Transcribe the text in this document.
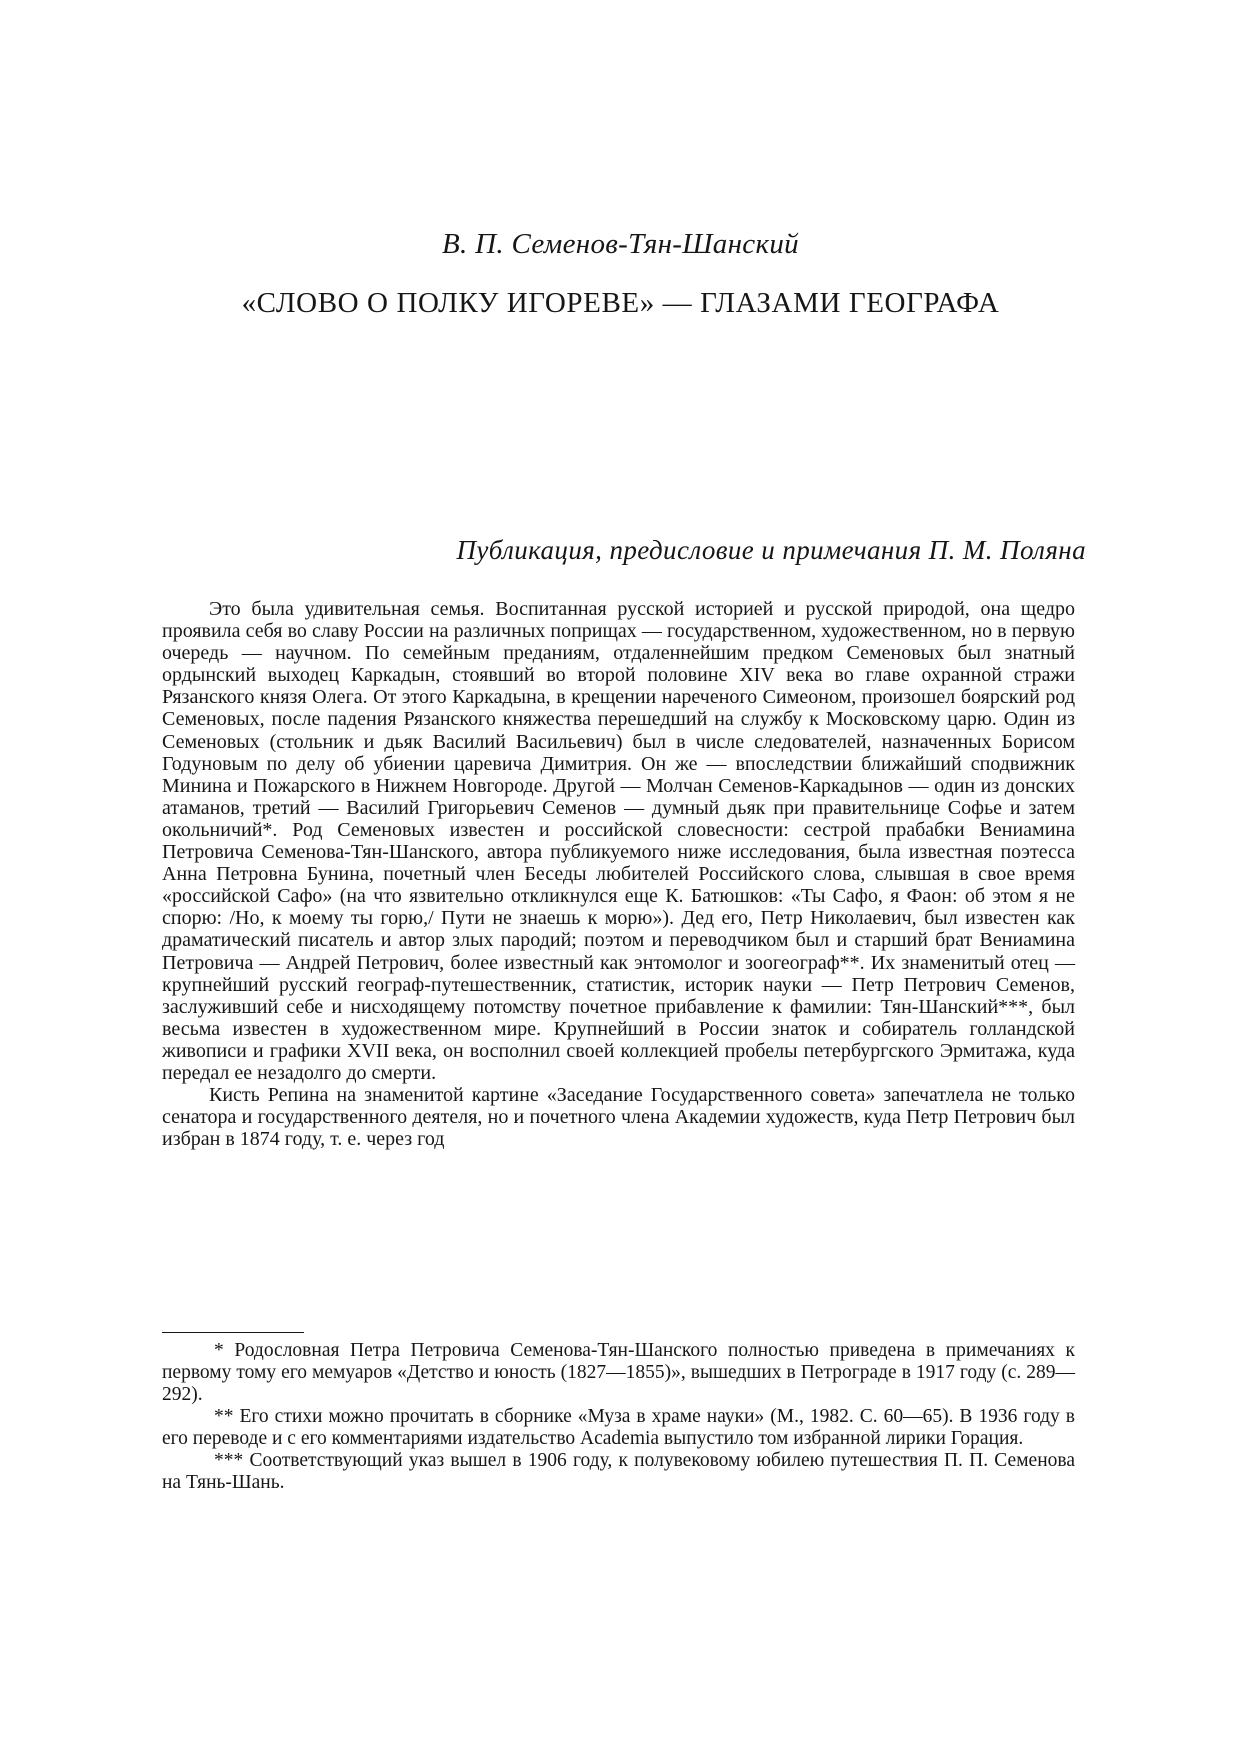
В. П. Семенов-Тян-Шанский
«СЛОВО О ПОЛКУ ИГОРЕВЕ» — ГЛАЗАМИ ГЕОГРАФА
Публикация, предисловие и примечания П. М. Поляна

Это была удивительная семья. Воспитанная русской историей и русской природой, она щедро проявила себя во славу России на различных поприщах — государственном, художественном, но в первую очередь — научном. По семейным преданиям, отдаленнейшим предком Семеновых был знатный ордынский выходец Каркадын, стоявший во второй половине XIV века во главе охранной стражи Рязанского князя Олега. От этого Каркадына, в крещении нареченого Симеоном, произошел боярский род Семеновых, после падения Рязанского княжества перешедший на службу к Московскому царю. Один из Семеновых (стольник и дьяк Василий Васильевич) был в числе следователей, назначенных Борисом Годуновым по делу об убиении царевича Димитрия. Он же — впоследствии ближайший сподвижник Минина и Пожарского в Нижнем Новгороде. Другой — Молчан Семенов-Каркадынов — один из донских атаманов, третий — Василий Григорьевич Семенов — думный дьяк при правительнице Софье и затем окольничий*. Род Семеновых известен и российской словесности: сестрой прабабки Вениамина Петровича Семенова-Тян-Шанского, автора публикуемого ниже исследования, была известная поэтесса Анна Петровна Бунина, почетный член Беседы любителей Российского слова, слывшая в свое время «российской Сафо» (на что язвительно откликнулся еще К. Батюшков: «Ты Сафо, я Фаон: об этом я не спорю: /Но, к моему ты горю,/ Пути не знаешь к морю»). Дед его, Петр Николаевич, был известен как драматический писатель и автор злых пародий; поэтом и переводчиком был и старший брат Вениамина Петровича — Андрей Петрович, более известный как энтомолог и зоогеограф**. Их знаменитый отец — крупнейший русский географ-путешественник, статистик, историк науки — Петр Петрович Семенов, заслуживший себе и нисходящему потомству почетное прибавление к фамилии: Тян-Шанский***, был весьма известен в художественном мире. Крупнейший в России знаток и собиратель голландской живописи и графики XVII века, он восполнил своей коллекцией пробелы петербургского Эрмитажа, куда передал ее незадолго до смерти.

Кисть Репина на знаменитой картине «Заседание Государственного совета» запечатлела не только сенатора и государственного деятеля, но и почетного члена Академии художеств, куда Петр Петрович был избран в 1874 году, т. е. через год

* Родословная Петра Петровича Семенова-Тян-Шанского полностью приведена в примечаниях к первому тому его мемуаров «Детство и юность (1827—1855)», вышедших в Петрограде в 1917 году (с. 289—292).

** Его стихи можно прочитать в сборнике «Муза в храме науки» (М., 1982. С. 60—65). В 1936 году в его переводе и с его комментариями издательство Academia выпустило том избранной лирики Горация.

*** Соответствующий указ вышел в 1906 году, к полувековому юбилею путешествия П. П. Семенова на Тянь-Шань.
